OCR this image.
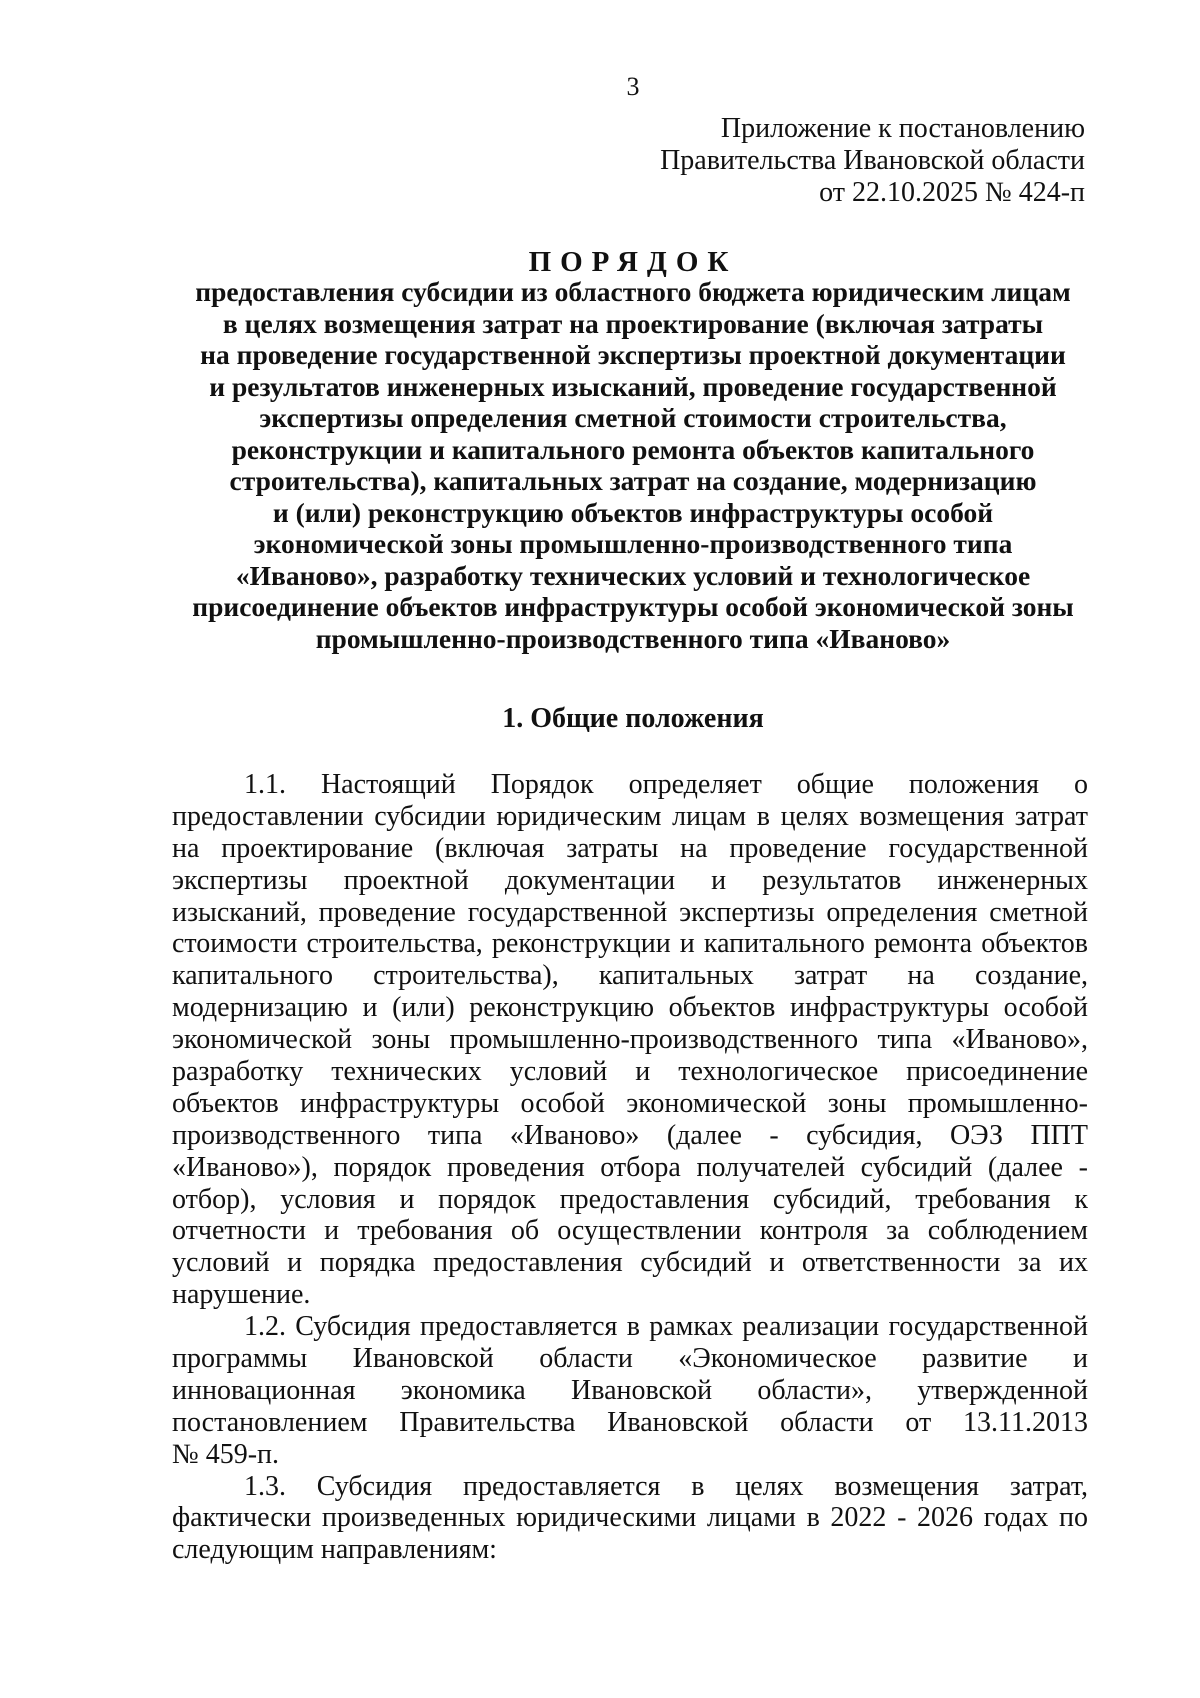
3
Приложение к постановлению
Правительства Ивановской области
от 22.10.2025 № 424-п
ПОРЯДОК
предоставления субсидии из областного бюджета юридическим лицам
в целях возмещения затрат на проектирование (включая затраты
на проведение государственной экспертизы проектной документации
и результатов инженерных изысканий, проведение государственной
экспертизы определения сметной стоимости строительства,
реконструкции и капитального ремонта объектов капитального
строительства), капитальных затрат на создание, модернизацию
и (или) реконструкцию объектов инфраструктуры особой
экономической зоны промышленно-производственного типа
«Иваново», разработку технических условий и технологическое
присоединение объектов инфраструктуры особой экономической зоны
промышленно-производственного типа «Иваново»
1. Общие положения
1.1. Настоящий Порядок определяет общие положения о
предоставлении субсидии юридическим лицам в целях возмещения затрат
на проектирование (включая затраты на проведение государственной
экспертизы проектной документации и результатов инженерных
изысканий, проведение государственной экспертизы определения сметной
стоимости строительства, реконструкции и капитального ремонта объектов
капитального строительства), капитальных затрат на создание,
модернизацию и (или) реконструкцию объектов инфраструктуры особой
экономической зоны промышленно-производственного типа «Иваново»,
разработку технических условий и технологическое присоединение
объектов инфраструктуры особой экономической зоны промышленно-
производственного типа «Иваново» (далее - субсидия, ОЭЗ ППТ
«Иваново»), порядок проведения отбора получателей субсидий (далее -
отбор), условия и порядок предоставления субсидий, требования к
отчетности и требования об осуществлении контроля за соблюдением
условий и порядка предоставления субсидий и ответственности за их
нарушение.
1.2. Субсидия предоставляется в рамках реализации государственной
программы Ивановской области «Экономическое развитие и
инновационная экономика Ивановской области», утвержденной
постановлением Правительства Ивановской области от 13.11.2013
№ 459-п.
1.3. Субсидия предоставляется в целях возмещения затрат,
фактически произведенных юридическими лицами в 2022 - 2026 годах по
следующим направлениям:
